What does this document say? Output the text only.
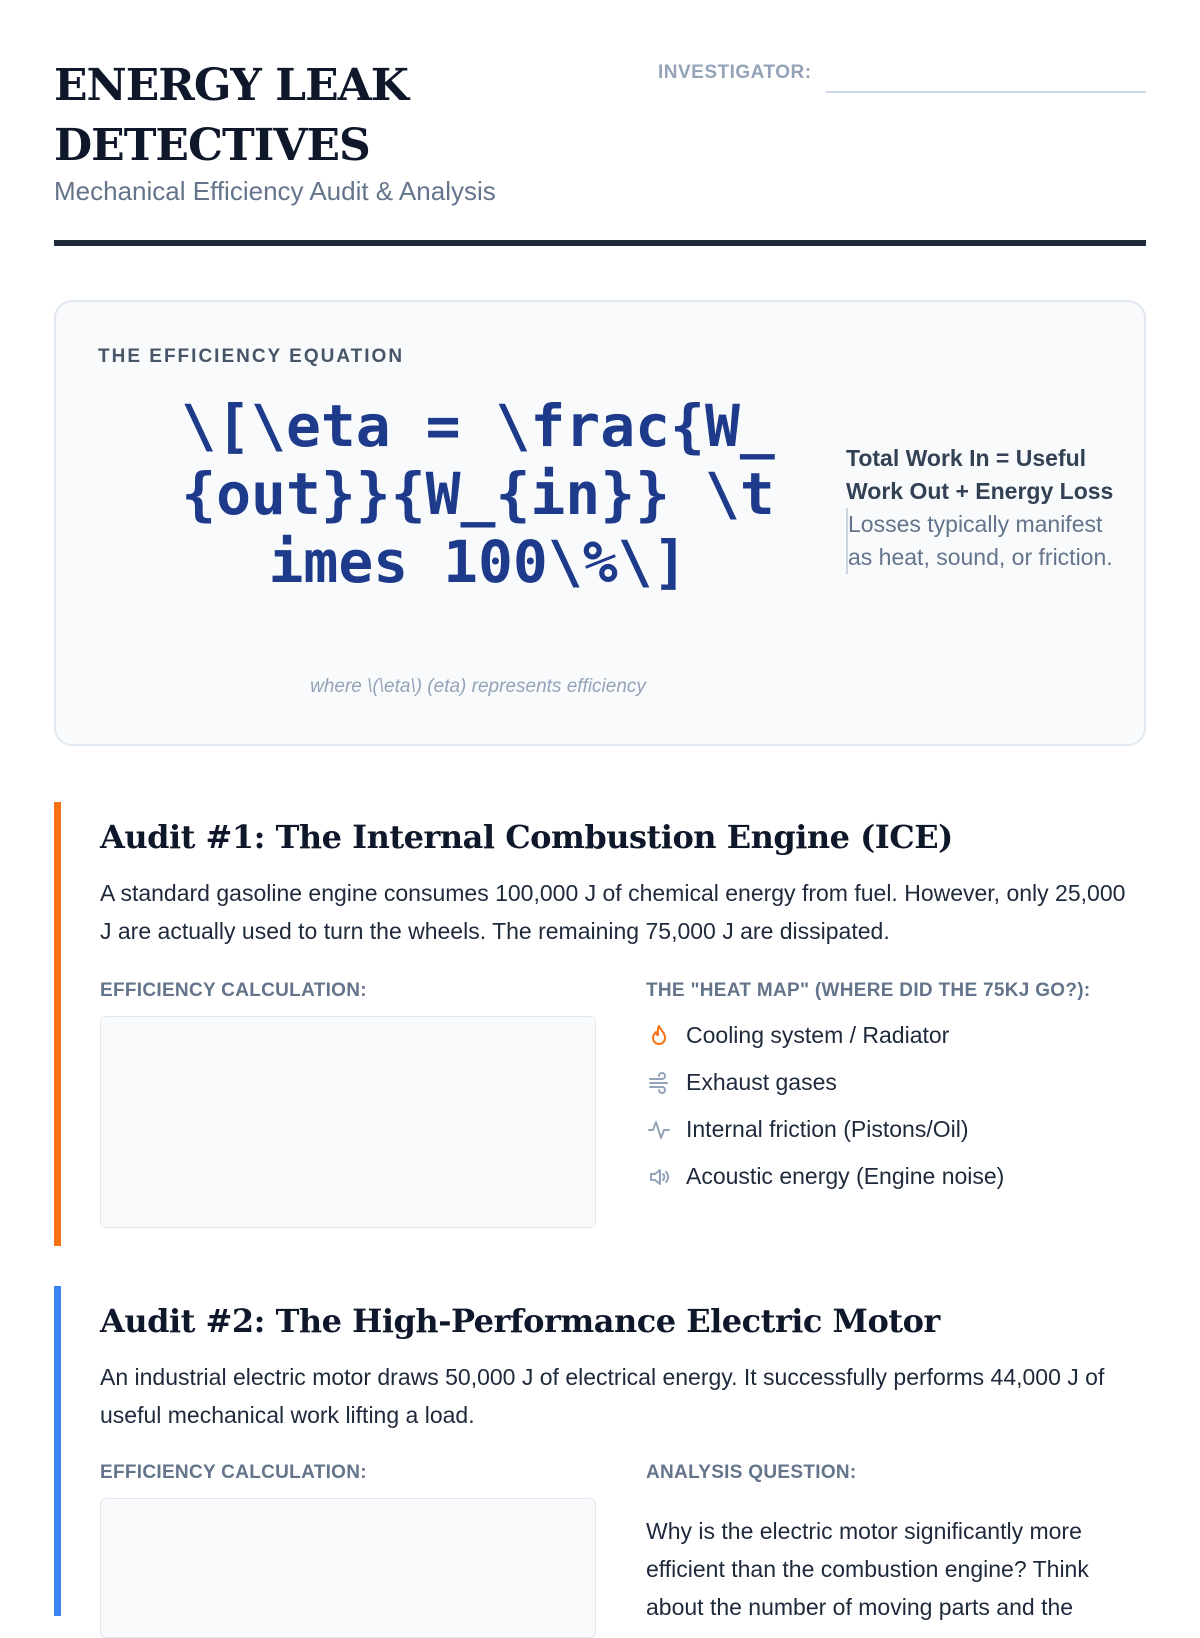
ENERGY LEAK DETECTIVES
Mechanical Efficiency Audit & Analysis
INVESTIGATOR:
THE EFFICIENCY EQUATION
\[\eta = \frac{W_{out}}{W_{in}} \times 100\%\]
where \(\eta\) (eta) represents efficiency
Total Work In = Useful Work Out + Energy Loss
Losses typically manifest as heat, sound, or friction.
Audit #1: The Internal Combustion Engine (ICE)
A standard gasoline engine consumes 100,000 J of chemical energy from fuel. However, only 25,000 J are actually used to turn the wheels. The remaining 75,000 J are dissipated.
EFFICIENCY CALCULATION:	THE "HEAT MAP" (WHERE DID THE 75KJ GO?):
Cooling system / Radiator
Exhaust gases
Internal friction (Pistons/Oil)
Acoustic energy (Engine noise)
Audit #2: The High-Performance Electric Motor
An industrial electric motor draws 50,000 J of electrical energy. It successfully performs 44,000 J of useful mechanical work lifting a load.
EFFICIENCY CALCULATION:	ANALYSIS QUESTION:
Why is the electric motor significantly more efficient than the combustion engine? Think about the number of moving parts and the
